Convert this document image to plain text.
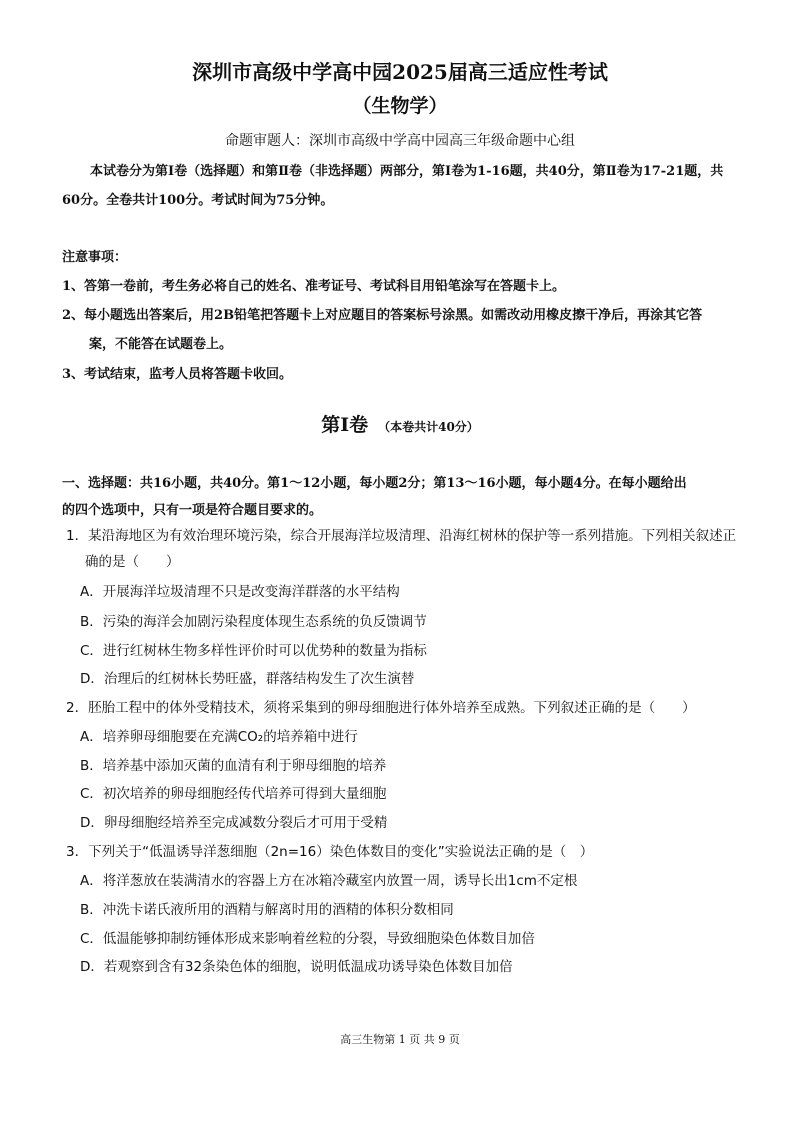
深圳市高级中学高中园2025届高三适应性考试
（生物学）
命题审题人：深圳市高级中学高中园高三年级命题中心组
本试卷分为第Ⅰ卷（选择题）和第Ⅱ卷（非选择题）两部分，第Ⅰ卷为1-16题，共40分，第Ⅱ卷为17-21题，共
60分。全卷共计100分。考试时间为75分钟。
注意事项：
1、答第一卷前，考生务必将自己的姓名、准考证号、考试科目用铅笔涂写在答题卡上。
2、每小题选出答案后，用2B铅笔把答题卡上对应题目的答案标号涂黑。如需改动用橡皮擦干净后，再涂其它答
案，不能答在试题卷上。
3、考试结束，监考人员将答题卡收回。
第Ⅰ卷 （本卷共计40分）
一、选择题：共16小题，共40分。第1～12小题，每小题2分；第13～16小题，每小题4分。在每小题给出
的四个选项中，只有一项是符合题目要求的。
1．某沿海地区为有效治理环境污染，综合开展海洋垃圾清理、沿海红树林的保护等一系列措施。下列相关叙述正
确的是（　　）
A．开展海洋垃圾清理不只是改变海洋群落的水平结构
B．污染的海洋会加剧污染程度体现生态系统的负反馈调节
C．进行红树林生物多样性评价时可以优势种的数量为指标
D．治理后的红树林长势旺盛，群落结构发生了次生演替
2．胚胎工程中的体外受精技术，须将采集到的卵母细胞进行体外培养至成熟。下列叙述正确的是（　　）
A．培养卵母细胞要在充满CO₂的培养箱中进行
B．培养基中添加灭菌的血清有利于卵母细胞的培养
C．初次培养的卵母细胞经传代培养可得到大量细胞
D．卵母细胞经培养至完成减数分裂后才可用于受精
3．下列关于“低温诱导洋葱细胞（2n=16）染色体数目的变化”实验说法正确的是（　）
A．将洋葱放在装满清水的容器上方在冰箱冷藏室内放置一周，诱导长出1cm不定根
B．冲洗卡诺氏液所用的酒精与解离时用的酒精的体积分数相同
C．低温能够抑制纺锤体形成来影响着丝粒的分裂，导致细胞染色体数目加倍
D．若观察到含有32条染色体的细胞，说明低温成功诱导染色体数目加倍
高三生物第 1 页 共 9 页
